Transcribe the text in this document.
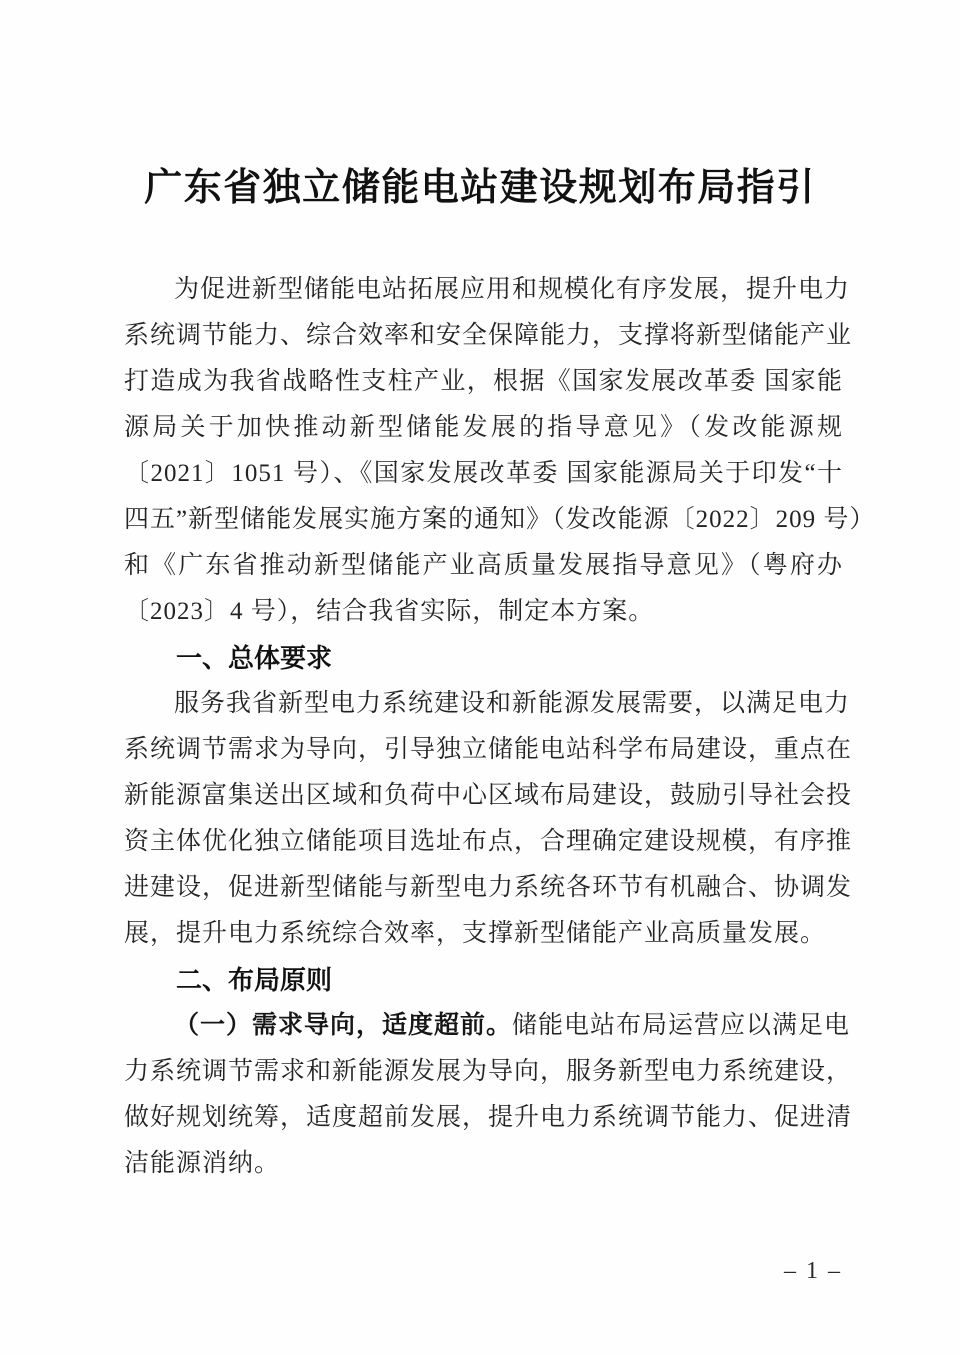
广东省独立储能电站建设规划布局指引
为促进新型储能电站拓展应用和规模化有序发展，提升电力
系统调节能力、综合效率和安全保障能力，支撑将新型储能产业
打造成为我省战略性支柱产业，根据《国家发展改革委 国家能
源局关于加快推动新型储能发展的指导意见》（发改能源规
〔2021〕1051 号）、《国家发展改革委 国家能源局关于印发“十
四五”新型储能发展实施方案的通知》（发改能源〔2022〕209 号）
和《广东省推动新型储能产业高质量发展指导意见》（粤府办
〔2023〕4 号），结合我省实际，制定本方案。
一、总体要求
服务我省新型电力系统建设和新能源发展需要，以满足电力
系统调节需求为导向，引导独立储能电站科学布局建设，重点在
新能源富集送出区域和负荷中心区域布局建设，鼓励引导社会投
资主体优化独立储能项目选址布点，合理确定建设规模，有序推
进建设，促进新型储能与新型电力系统各环节有机融合、协调发
展，提升电力系统综合效率，支撑新型储能产业高质量发展。
二、布局原则
（一）需求导向，适度超前。储能电站布局运营应以满足电
力系统调节需求和新能源发展为导向，服务新型电力系统建设，
做好规划统筹，适度超前发展，提升电力系统调节能力、促进清
洁能源消纳。
– 1 –
